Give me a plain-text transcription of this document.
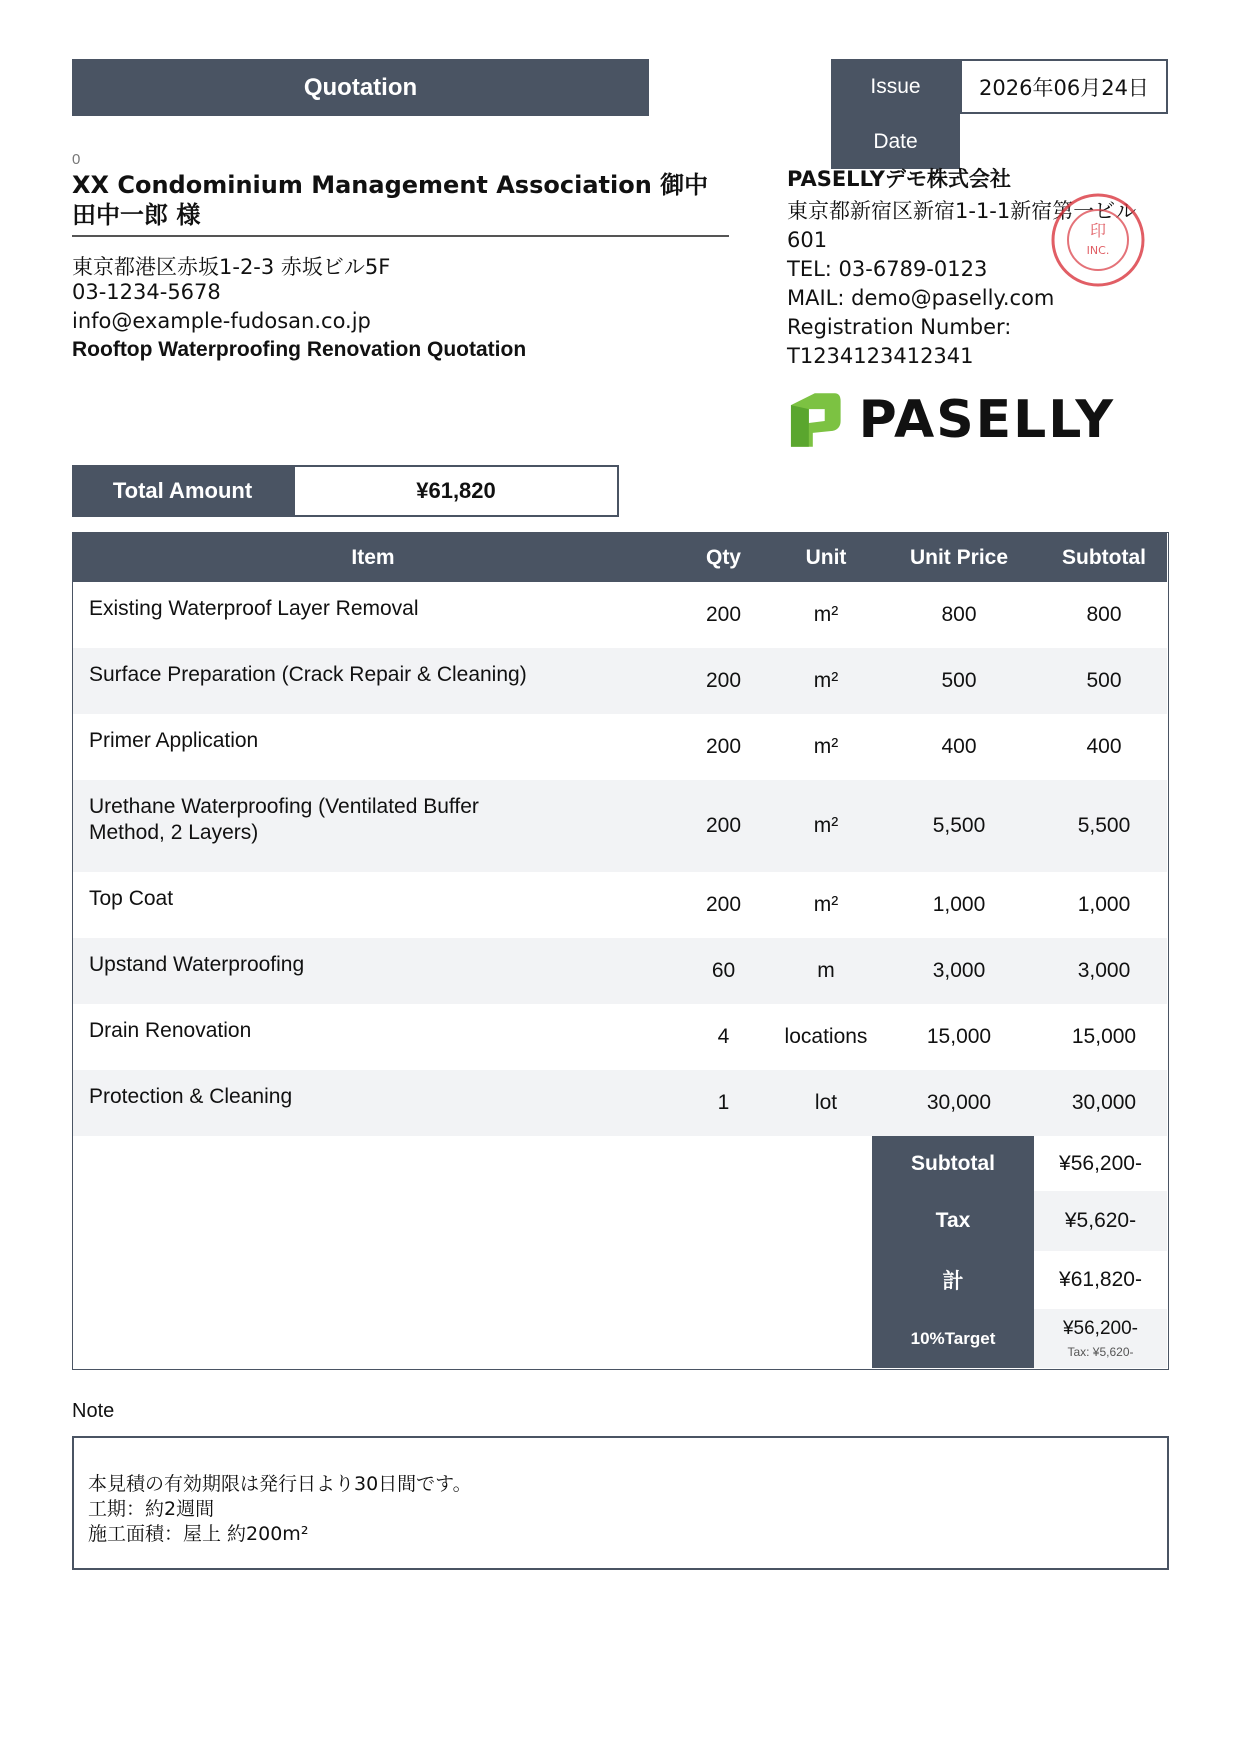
Quotation	Issue
Date
2026年06月24日
0
XX Condominium Management Association 御中 田中一郎 様
東京都港区赤坂1-2-3 赤坂ビル5F
03-1234-5678
info@example-fudosan.co.jp
Rooftop Waterproofing Renovation Quotation
PASELLYデモ株式会社
東京都新宿区新宿1-1-1新宿第一ビル601
TEL: 03-6789-0123
MAIL: demo@paselly.com
Registration Number:
T1234123412341
印
INC.
PASELLY
Total Amount	¥61,820
Item	Qty	Unit	Unit Price	Subtotal
Existing Waterproof Layer Removal	200	m²	800	800
Surface Preparation (Crack Repair & Cleaning)	200	m²	500	500
Primer Application	200	m²	400	400
Urethane Waterproofing (Ventilated Buffer Method, 2 Layers)	200	m²	5,500	5,500
Top Coat	200	m²	1,000	1,000
Upstand Waterproofing	60	m	3,000	3,000
Drain Renovation	4	locations	15,000	15,000
Protection & Cleaning	1	lot	30,000	30,000
Subtotal	¥56,200-
Tax	¥5,620-
計	¥61,820-
10%Target	¥56,200-
Tax: ¥5,620-
Note
本見積の有効期限は発行日より30日間です。
工期：約2週間
施工面積：屋上 約200m²
